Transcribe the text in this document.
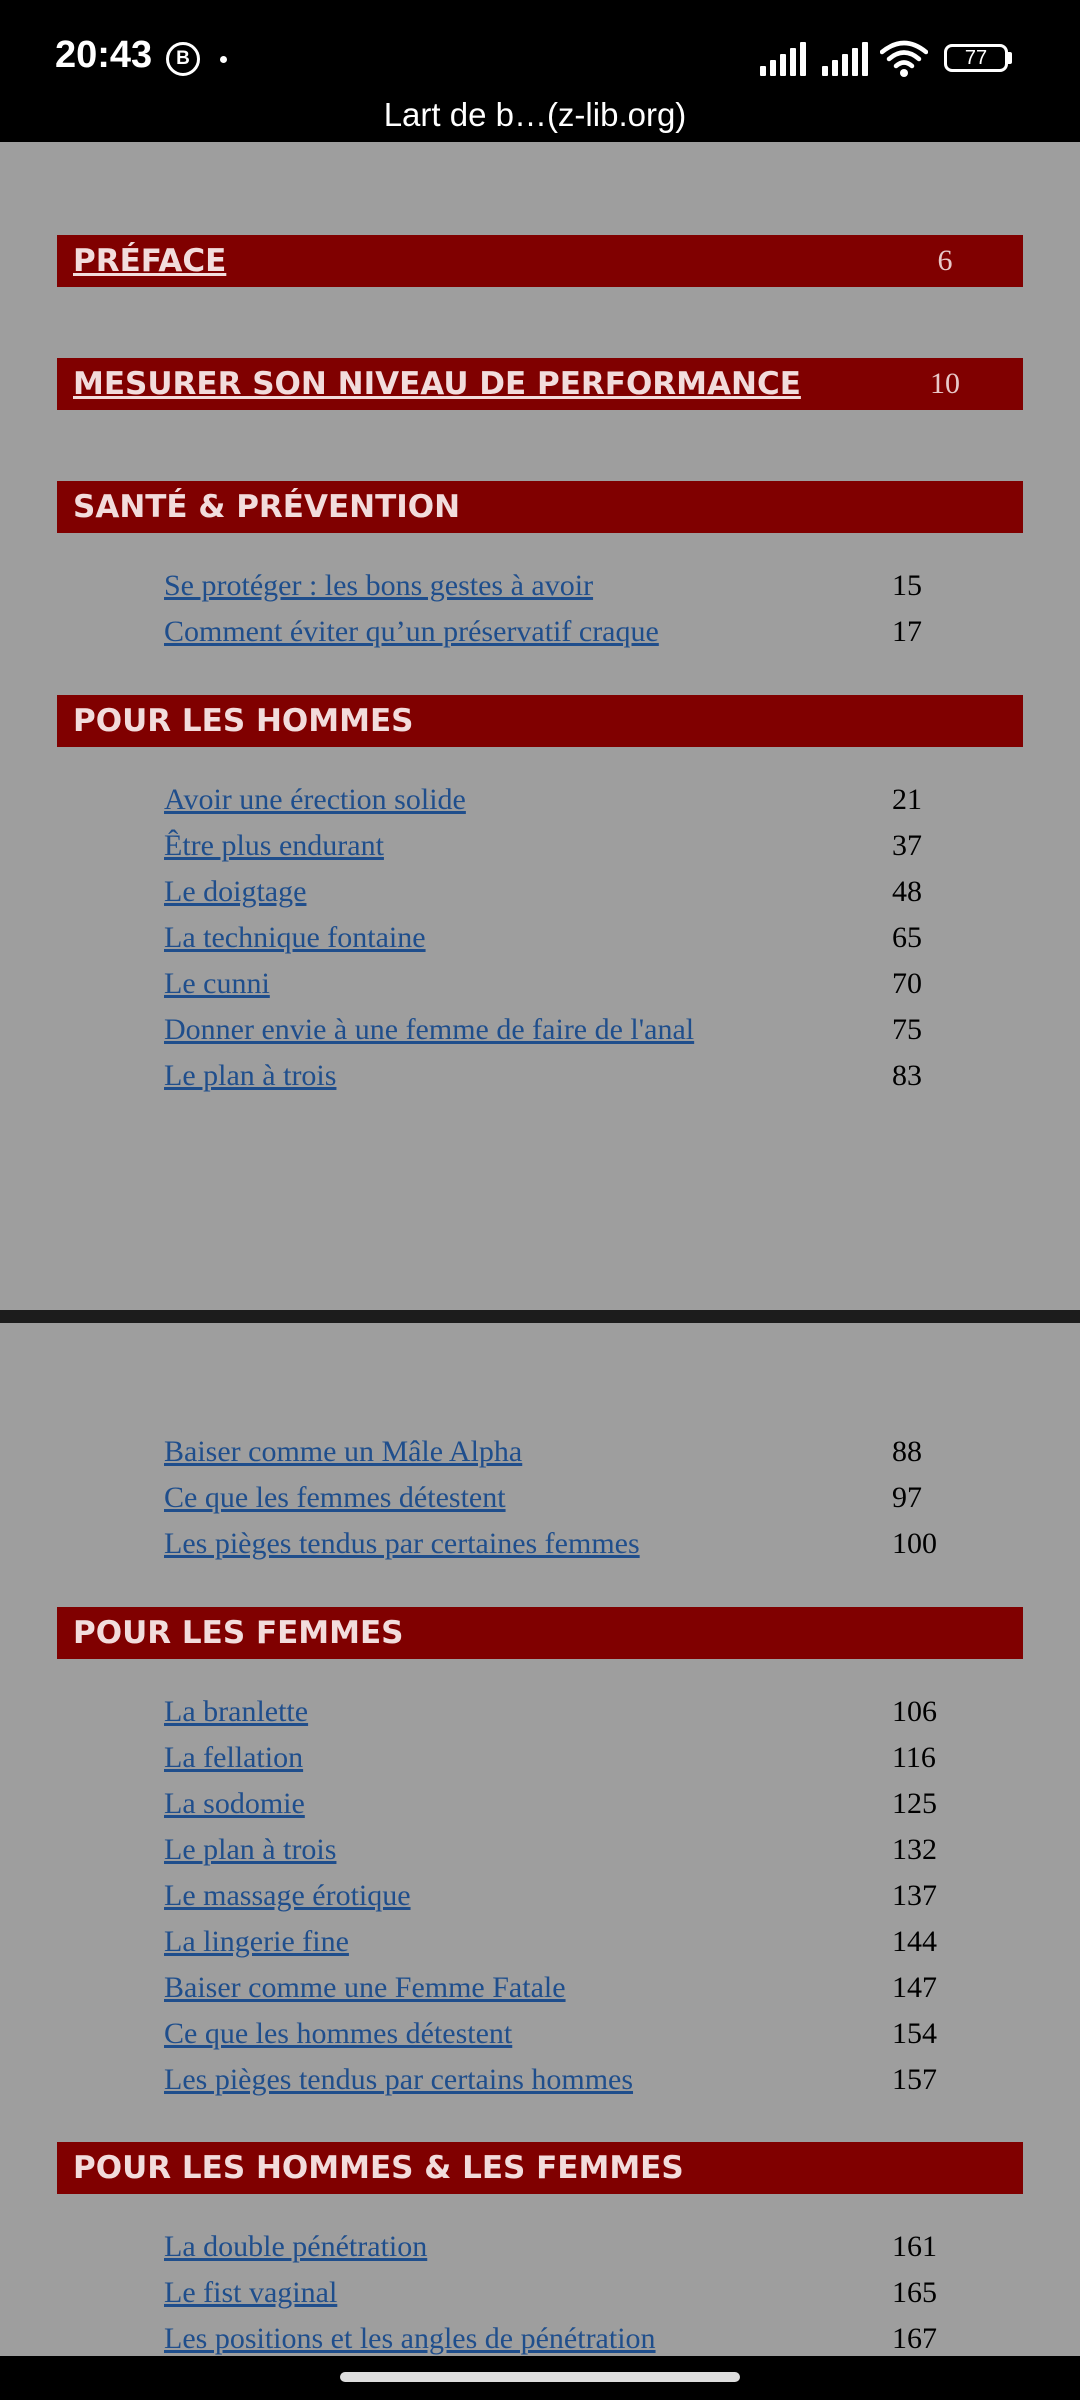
20:43	B	77
Lart de b…(z-lib.org)
PRÉFACE	6
MESURER SON NIVEAU DE PERFORMANCE	10
SANTÉ & PRÉVENTION
Se protéger : les bons gestes à avoir	15
Comment éviter qu’un préservatif craque	17
POUR LES HOMMES
Avoir une érection solide	21
Être plus endurant	37
Le doigtage	48
La technique fontaine	65
Le cunni	70
Donner envie à une femme de faire de l'anal	75
Le plan à trois	83
Baiser comme un Mâle Alpha	88
Ce que les femmes détestent	97
Les pièges tendus par certaines femmes	100
POUR LES FEMMES
La branlette	106
La fellation	116
La sodomie	125
Le plan à trois	132
Le massage érotique	137
La lingerie fine	144
Baiser comme une Femme Fatale	147
Ce que les hommes détestent	154
Les pièges tendus par certains hommes	157
POUR LES HOMMES & LES FEMMES
La double pénétration	161
Le fist vaginal	165
Les positions et les angles de pénétration	167
